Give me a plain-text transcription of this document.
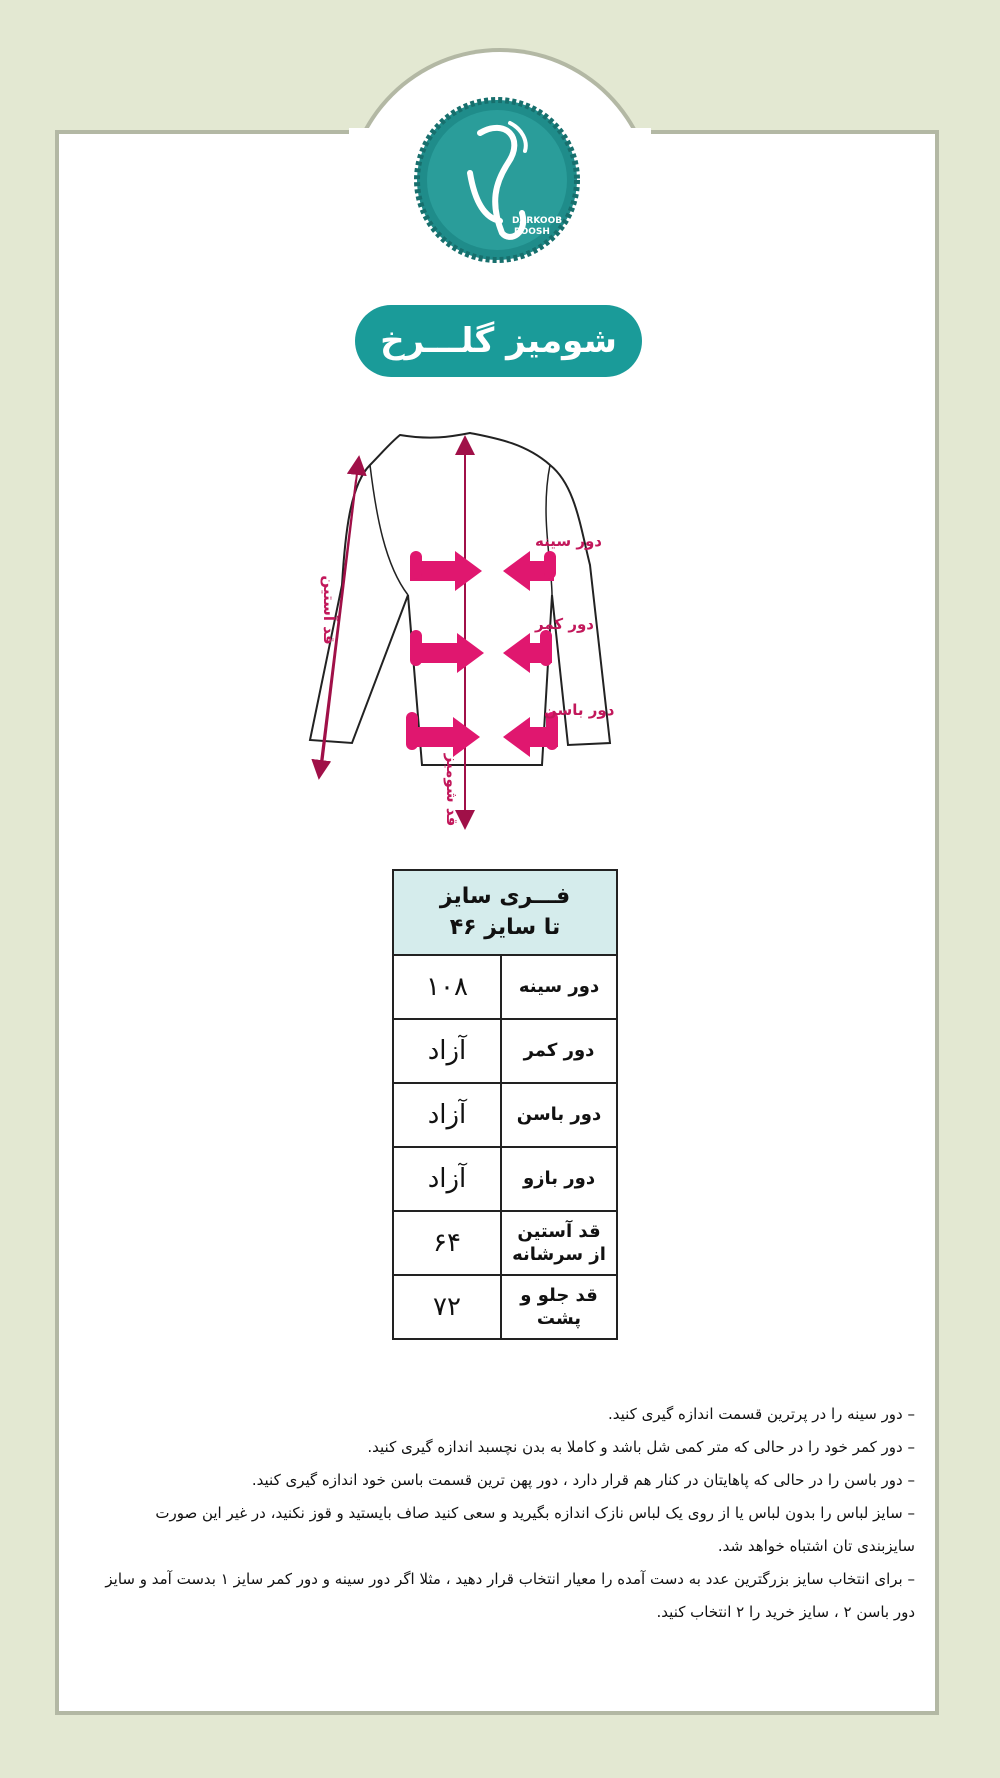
DARKOOB
POOSH
شومیز گلـــرخ
دور سینه
دور کمر
دور باسن
قد آستین
قد شومیز
فـــری سایز
تا سایز ۴۶	

دور سینه	۱۰۸
دور کمر	آزاد
دور باسن	آزاد
دور بازو	آزاد

قد آستین
از سرشانه	۶۴

قد جلو و
پشت	۷۲

– دور سینه را در پرترین قسمت اندازه گیری کنید.

– دور کمر خود را در حالی که متر کمی شل باشد و کاملا به بدن نچسبد اندازه گیری کنید.

– دور باسن را در حالی که پاهایتان در کنار هم قرار دارد ، دور پهن ترین قسمت باسن خود اندازه گیری کنید.

– سایز لباس را بدون لباس یا از روی یک لباس نازک اندازه بگیرید و سعی کنید صاف بایستید و قوز نکنید، در غیر این صورت سایزبندی تان اشتباه خواهد شد.

– برای انتخاب سایز بزرگترین عدد به دست آمده را معیار انتخاب قرار دهید ، مثلا اگر دور سینه و دور کمر سایز ۱ بدست آمد و سایز دور باسن ۲ ، سایز خرید را ۲ انتخاب کنید.
